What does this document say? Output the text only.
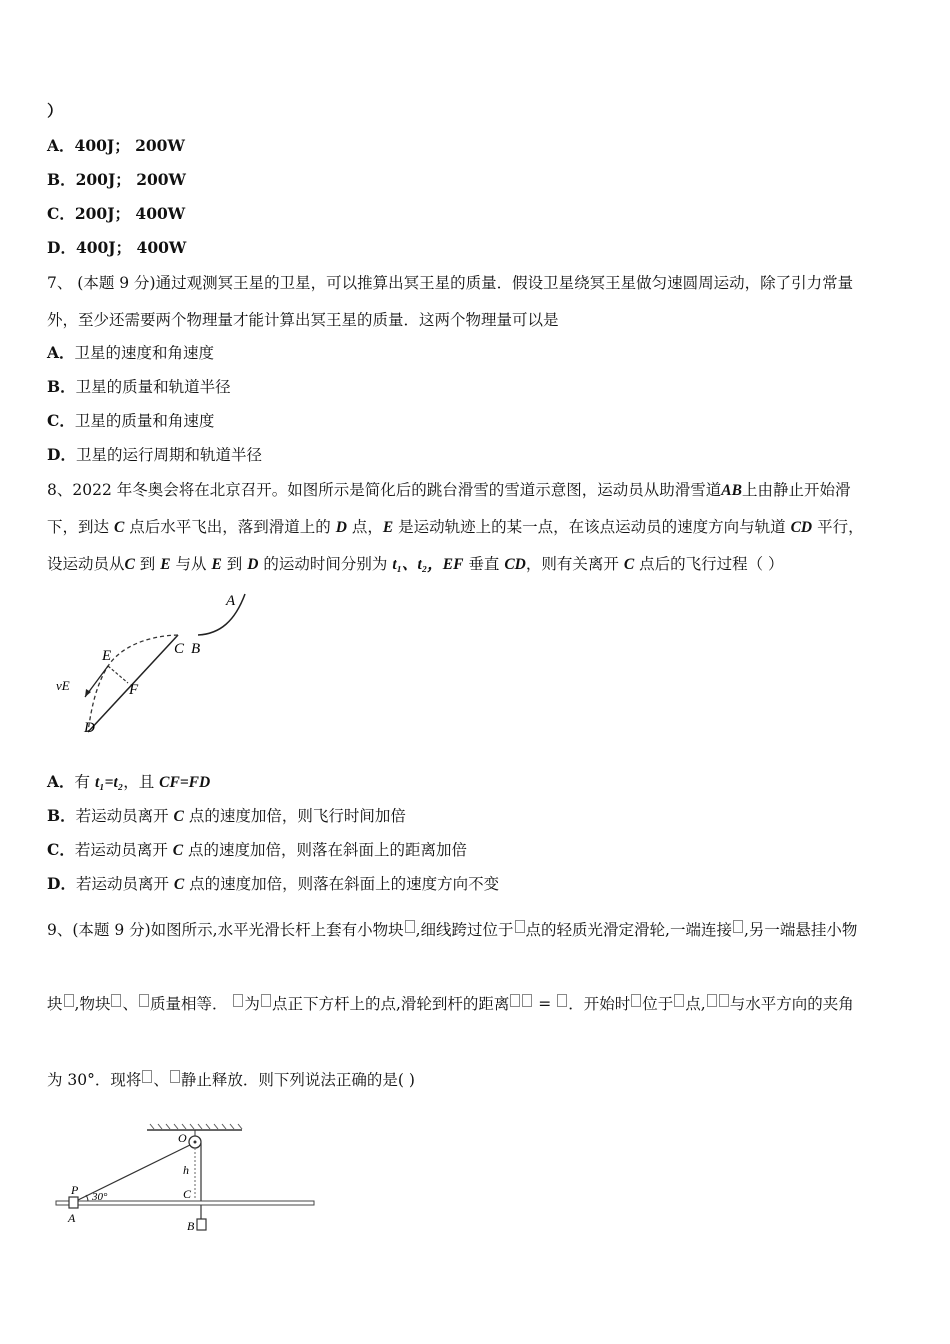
）
A．400J； 200W
B．200J； 200W
C．200J； 400W
D．400J； 400W
7、 (本题 9 分)通过观测冥王星的卫星，可以推算出冥王星的质量．假设卫星绕冥王星做匀速圆周运动，除了引力常量
外，至少还需要两个物理量才能计算出冥王星的质量．这两个物理量可以是
A．卫星的速度和角速度
B．卫星的质量和轨道半径
C．卫星的质量和角速度
D．卫星的运行周期和轨道半径
8、2022 年冬奥会将在北京召开。如图所示是简化后的跳台滑雪的雪道示意图，运动员从助滑雪道AB上由静止开始滑
下，到达 C 点后水平飞出，落到滑道上的 D 点，E 是运动轨迹上的某一点，在该点运动员的速度方向与轨道 CD 平行，
设运动员从C 到 E 与从 E 到 D 的运动时间分别为 t₁、t₂，EF 垂直 CD，则有关离开 C 点后的飞行过程（ ）
A
C B
E
F
D
vE
A．有 t₁=t₂，且 CF=FD
B．若运动员离开 C 点的速度加倍，则飞行时间加倍
C．若运动员离开 C 点的速度加倍，则落在斜面上的距离加倍
D．若运动员离开 C 点的速度加倍，则落在斜面上的速度方向不变
9、(本题 9 分)如图所示,水平光滑长杆上套有小物块 ,细线跨过位于 点的轻质光滑定滑轮,一端连接 ,另一端悬挂小物
块 ,物块 、 质量相等． 为 点正下方杆上的点,滑轮到杆的距离 = ．开始时 位于 点, 与水平方向的夹角
为 30°．现将 、 静止释放．则下列说法正确的是( )
O
h
P 30°	C
A
B
